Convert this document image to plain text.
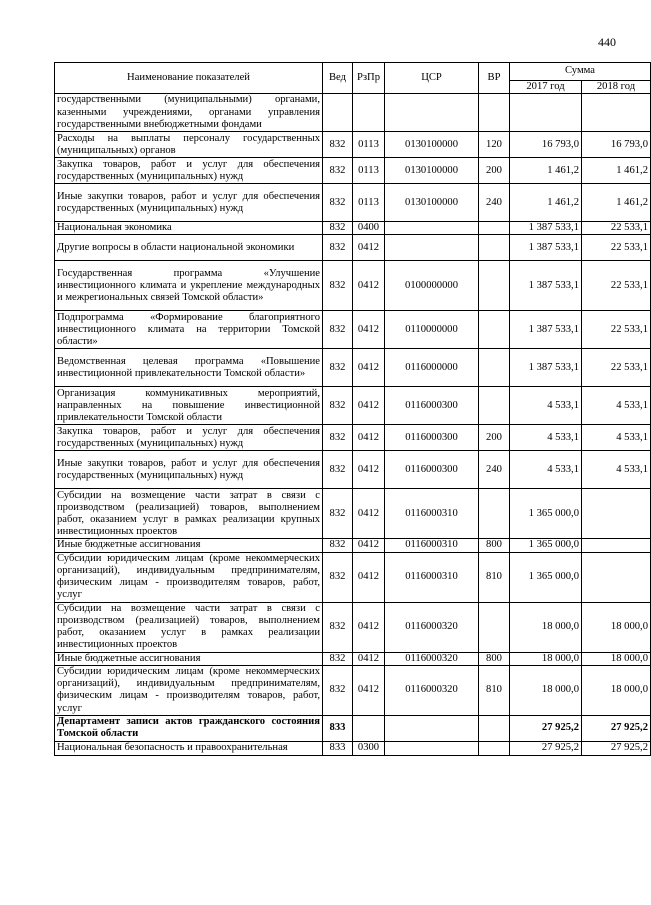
440
Наименование показателей	Вед	РзПр	ЦСР	ВР	Сумма	
					2017 год	2018 год
государственными (муниципальными) органами, казенными учреждениями, органами управления государственными внебюджетными фондами						
Расходы на выплаты персоналу государственных (муниципальных) органов	832	0113	0130100000	120	16 793,0	16 793,0
Закупка товаров, работ и услуг для обеспечения государственных (муниципальных) нужд	832	0113	0130100000	200	1 461,2	1 461,2
Иные закупки товаров, работ и услуг для обеспечения государственных (муниципальных) нужд	832	0113	0130100000	240	1 461,2	1 461,2
Национальная экономика	832	0400			1 387 533,1	22 533,1
Другие вопросы в области национальной экономики	832	0412			1 387 533,1	22 533,1
Государственная программа «Улучшение инвестиционного климата и укрепление международных и межрегиональных связей Томской области»	832	0412	0100000000		1 387 533,1	22 533,1
Подпрограмма «Формирование благоприятного инвестиционного климата на территории Томской области»	832	0412	0110000000		1 387 533,1	22 533,1
Ведомственная целевая программа «Повышение инвестиционной привлекательности Томской области»	832	0412	0116000000		1 387 533,1	22 533,1
Организация коммуникативных мероприятий, направленных на повышение инвестиционной привлекательности Томской области	832	0412	0116000300		4 533,1	4 533,1
Закупка товаров, работ и услуг для обеспечения государственных (муниципальных) нужд	832	0412	0116000300	200	4 533,1	4 533,1
Иные закупки товаров, работ и услуг для обеспечения государственных (муниципальных) нужд	832	0412	0116000300	240	4 533,1	4 533,1
Субсидии на возмещение части затрат в связи с производством (реализацией) товаров, выполнением работ, оказанием услуг в рамках реализации крупных инвестиционных проектов	832	0412	0116000310		1 365 000,0	
Иные бюджетные ассигнования	832	0412	0116000310	800	1 365 000,0	
Субсидии юридическим лицам (кроме некоммерческих организаций), индивидуальным предпринимателям, физическим лицам - производителям товаров, работ, услуг	832	0412	0116000310	810	1 365 000,0	
Субсидии на возмещение части затрат в связи с производством (реализацией) товаров, выполнением работ, оказанием услуг в рамках реализации инвестиционных проектов	832	0412	0116000320		18 000,0	18 000,0
Иные бюджетные ассигнования	832	0412	0116000320	800	18 000,0	18 000,0
Субсидии юридическим лицам (кроме некоммерческих организаций), индивидуальным предпринимателям, физическим лицам - производителям товаров, работ, услуг	832	0412	0116000320	810	18 000,0	18 000,0
Департамент записи актов гражданского состояния Томской области	833				27 925,2	27 925,2
Национальная безопасность и правоохранительная	833	0300			27 925,2	27 925,2
